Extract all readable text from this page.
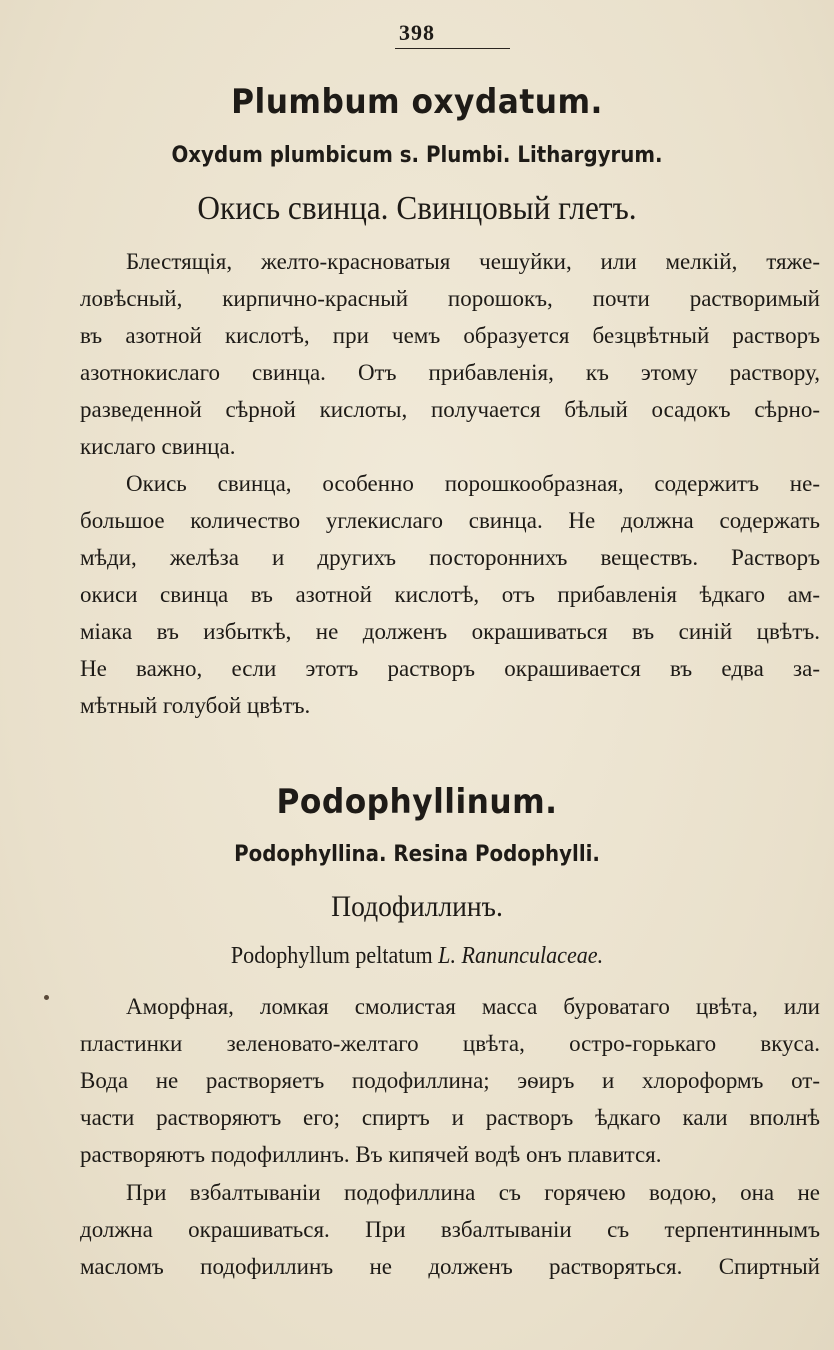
398
Plumbum oxydatum.
Oxydum plumbicum s. Plumbi. Lithargyrum.
Окись свинца. Свинцовый глетъ.
Блестящія, желто-красноватыя чешуйки, или мелкій, тяже-
ловѣсный, кирпично-красный порошокъ, почти растворимый
въ азотной кислотѣ, при чемъ образуется безцвѣтный растворъ
азотнокислаго свинца. Отъ прибавленія, къ этому раствору,
разведенной сѣрной кислоты, получается бѣлый осадокъ сѣрно-
кислаго свинца.
Окись свинца, особенно порошкообразная, содержитъ не-
большое количество углекислаго свинца. Не должна содержать
мѣди, желѣза и другихъ постороннихъ веществъ. Растворъ
окиси свинца въ азотной кислотѣ, отъ прибавленія ѣдкаго ам-
міака въ избыткѣ, не долженъ окрашиваться въ синій цвѣтъ.
Не важно, если этотъ растворъ окрашивается въ едва за-
мѣтный голубой цвѣтъ.
Podophyllinum.
Podophyllina. Resina Podophylli.
Подофиллинъ.
Podophyllum peltatum L. Ranunculaceae.
Аморфная, ломкая смолистая масса буроватаго цвѣта, или
пластинки зеленовато-желтаго цвѣта, остро-горькаго вкуса.
Вода не растворяетъ подофиллина; эѳиръ и хлороформъ от-
части растворяютъ его; спиртъ и растворъ ѣдкаго кали вполнѣ
растворяютъ подофиллинъ. Въ кипячей водѣ онъ плавится.
При взбалтываніи подофиллина съ горячею водою, она не
должна окрашиваться. При взбалтываніи съ терпентиннымъ
масломъ подофиллинъ не долженъ растворяться. Спиртный
